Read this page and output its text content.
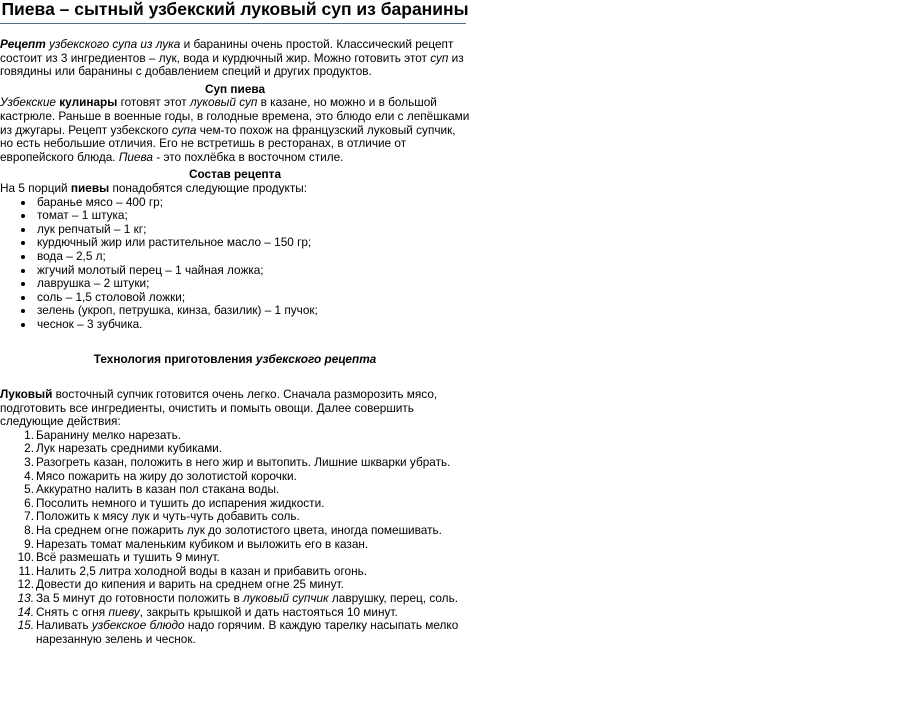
Пиева – сытный узбекский луковый суп из баранины

Рецепт узбекского супа из лука и баранины очень простой. Классический рецепт состоит из 3 ингредиентов – лук, вода и курдючный жир. Можно готовить этот суп из говядины или баранины с добавлением специй и других продуктов.

Суп пиева

Узбекские кулинары готовят этот луковый суп в казане, но можно и в большой кастрюле. Раньше в военные годы, в голодные времена, это блюдо ели с лепёшками из джугары. Рецепт узбекского супа чем-то похож на французский луковый супчик, но есть небольшие отличия. Его не встретишь в ресторанах, в отличие от европейского блюда. Пиева - это похлёбка в восточном стиле.

Состав рецепта

На 5 порций пиевы понадобятся следующие продукты:

• баранье мясо – 400 гр;
• томат – 1 штука;
• лук репчатый – 1 кг;
• курдючный жир или растительное масло – 150 гр;
• вода – 2,5 л;
• жгучий молотый перец – 1 чайная ложка;
• лаврушка – 2 штуки;
• соль – 1,5 столовой ложки;
• зелень (укроп, петрушка, кинза, базилик) – 1 пучок;
• чеснок – 3 зубчика.

Технология приготовления узбекского рецепта

Луковый восточный супчик готовится очень легко. Сначала разморозить мясо, подготовить все ингредиенты, очистить и помыть овощи. Далее совершить следующие действия:

1. Баранину мелко нарезать.
2. Лук нарезать средними кубиками.
3. Разогреть казан, положить в него жир и вытопить. Лишние шкварки убрать.
4. Мясо пожарить на жиру до золотистой корочки.
5. Аккуратно налить в казан пол стакана воды.
6. Посолить немного и тушить до испарения жидкости.
7. Положить к мясу лук и чуть-чуть добавить соль.
8. На среднем огне пожарить лук до золотистого цвета, иногда помешивать.
9. Нарезать томат маленьким кубиком и выложить его в казан.
10. Всё размешать и тушить 9 минут.
11. Налить 2,5 литра холодной воды в казан и прибавить огонь.
12. Довести до кипения и варить на среднем огне 25 минут.
13. За 5 минут до готовности положить в луковый супчик лаврушку, перец, соль.
14. Снять с огня пиеву, закрыть крышкой и дать настояться 10 минут.
15. Наливать узбекское блюдо надо горячим. В каждую тарелку насыпать мелко нарезанную зелень и чеснок.
